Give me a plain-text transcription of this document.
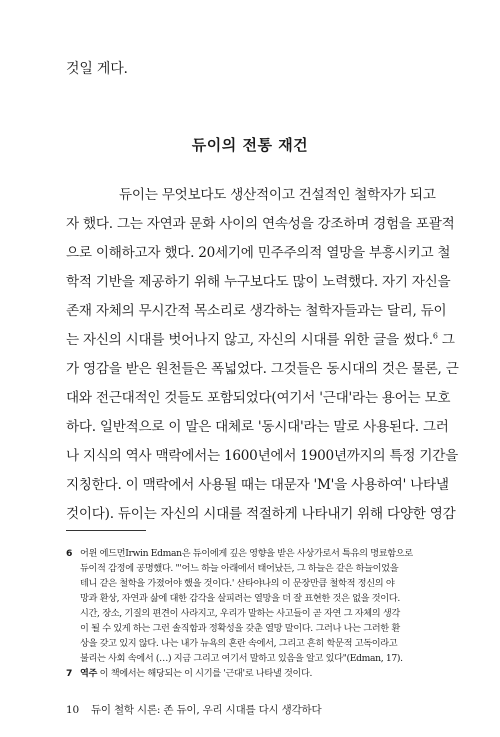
것일 게다.
듀이의 전통 재건
듀이는 무엇보다도 생산적이고 건설적인 철학자가 되고
자 했다. 그는 자연과 문화 사이의 연속성을 강조하며 경험을 포괄적
으로 이해하고자 했다. 20세기에 민주주의적 열망을 부흥시키고 철
학적 기반을 제공하기 위해 누구보다도 많이 노력했다. 자기 자신을
존재 자체의 무시간적 목소리로 생각하는 철학자들과는 달리, 듀이
는 자신의 시대를 벗어나지 않고, 자신의 시대를 위한 글을 썼다.$^6$ 그
가 영감을 받은 원천들은 폭넓었다. 그것들은 동시대의 것은 물론, 근
대와 전근대적인 것들도 포함되었다(여기서 '근대'라는 용어는 모호
하다. 일반적으로 이 말은 대체로 '동시대'라는 말로 사용된다. 그러
나 지식의 역사 맥락에서는 1600년에서 1900년까지의 특정 기간을
지칭한다. 이 맥락에서 사용될 때는 대문자 'M'을 사용하여' 나타낼
것이다). 듀이는 자신의 시대를 적절하게 나타내기 위해 다양한 영감
6 어윈 에드먼Irwin Edman은 듀이에게 깊은 영향을 받은 사상가로서 특유의 명료함으로
듀이적 감정에 공명했다. "'어느 하늘 아래에서 태어났든, 그 하늘은 같은 하늘이었을
테니 같은 철학을 가졌어야 했을 것이다.' 산타야나의 이 문장만큼 철학적 정신의 야
망과 환상, 자연과 삶에 대한 감각을 살피려는 열망을 더 잘 표현한 것은 없을 것이다.
시간, 장소, 기질의 편견이 사라지고, 우리가 말하는 사고들이 곧 자연 그 자체의 생각
이 될 수 있게 하는 그런 솔직함과 정확성을 갖춘 열망 말이다. 그러나 나는 그러한 환
상을 갖고 있지 않다. 나는 내가 뉴욕의 혼란 속에서, 그리고 흔히 학문적 고독이라고
불리는 사회 속에서 (…) 지금 그리고 여기서 말하고 있음을 알고 있다"(Edman, 17).
7 역주 이 책에서는 해당되는 이 시기를 '근대'로 나타낼 것이다.
10 듀이 철학 시론: 존 듀이, 우리 시대를 다시 생각하다
